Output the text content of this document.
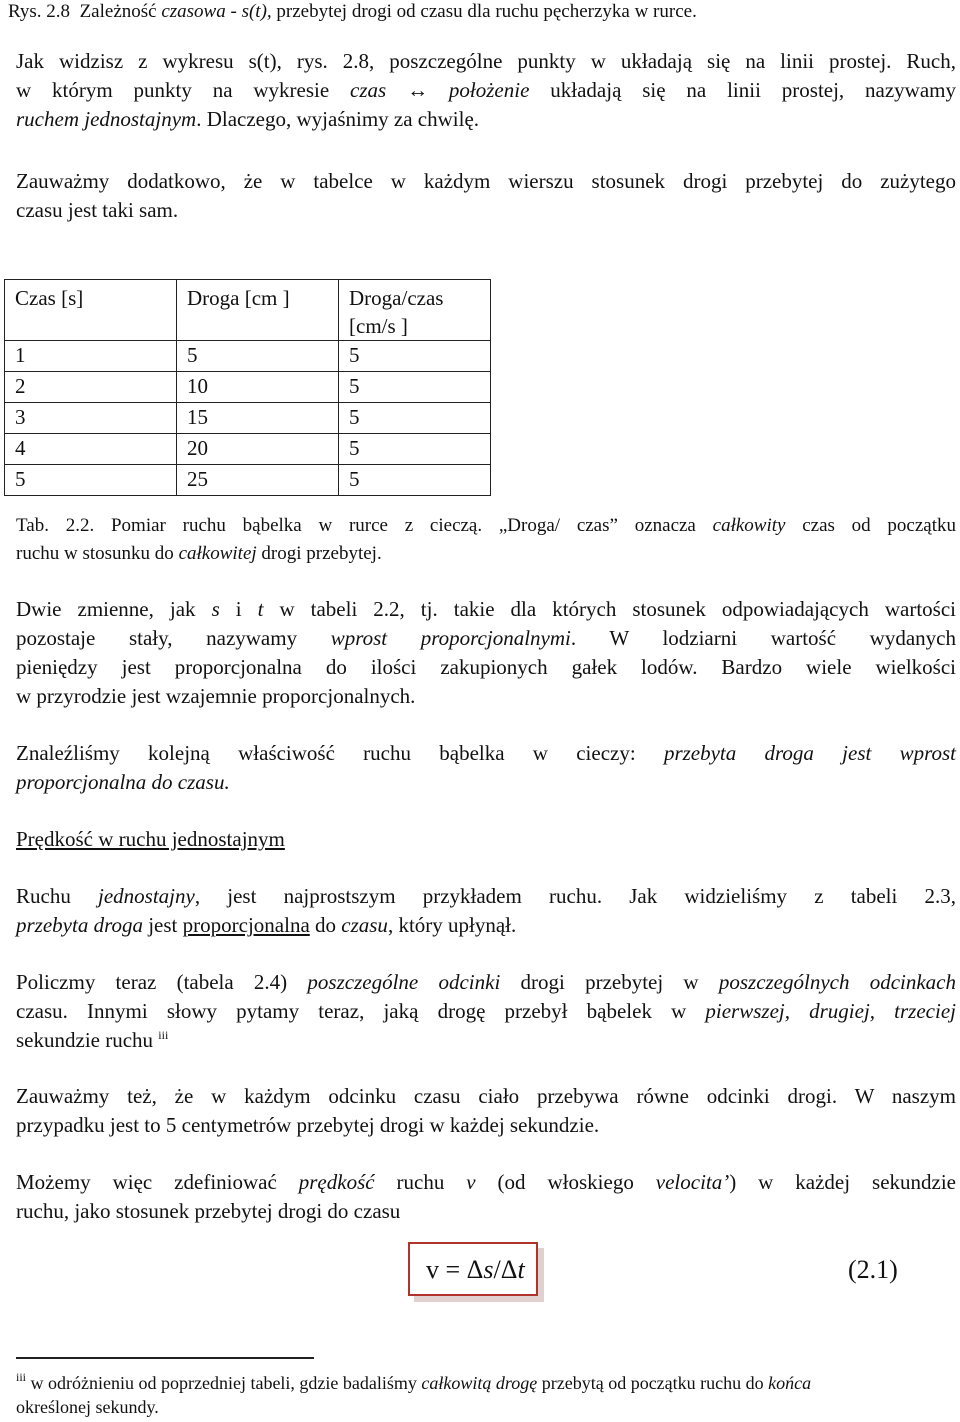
Rys. 2.8 Zależność czasowa - s(t), przebytej drogi od czasu dla ruchu pęcherzyka w rurce.
Jak widzisz z wykresu s(t), rys. 2.8, poszczególne punkty w układają się na linii prostej. Ruch,
w którym punkty na wykresie czas ↔ położenie układają się na linii prostej, nazywamy
ruchem jednostajnym. Dlaczego, wyjaśnimy za chwilę.
Zauważmy dodatkowo, że w tabelce w każdym wierszu stosunek drogi przebytej do zużytego
czasu jest taki sam.
Czas [s]	Droga [cm ]	Droga/czas
[cm/s ]
1	5	5
2	10	5
3	15	5
4	20	5
5	25	5
Tab. 2.2. Pomiar ruchu bąbelka w rurce z cieczą. „Droga/ czas” oznacza całkowity czas od początku
ruchu w stosunku do całkowitej drogi przebytej.
Dwie zmienne, jak s i t w tabeli 2.2, tj. takie dla których stosunek odpowiadających wartości
pozostaje stały, nazywamy wprost proporcjonalnymi. W lodziarni wartość wydanych
pieniędzy jest proporcjonalna do ilości zakupionych gałek lodów. Bardzo wiele wielkości
w przyrodzie jest wzajemnie proporcjonalnych.
Znaleźliśmy kolejną właściwość ruchu bąbelka w cieczy: przebyta droga jest wprost
proporcjonalna do czasu.
Prędkość w ruchu jednostajnym
Ruchu jednostajny, jest najprostszym przykładem ruchu. Jak widzieliśmy z tabeli 2.3,
przebyta droga jest proporcjonalna do czasu, który upłynął.
Policzmy teraz (tabela 2.4) poszczególne odcinki drogi przebytej w poszczególnych odcinkach
czasu. Innymi słowy pytamy teraz, jaką drogę przebył bąbelek w pierwszej, drugiej, trzeciej
sekundzie ruchu $^{iii}$
Zauważmy też, że w każdym odcinku czasu ciało przebywa równe odcinki drogi. W naszym
przypadku jest to 5 centymetrów przebytej drogi w każdej sekundzie.
Możemy więc zdefiniować prędkość ruchu v (od włoskiego velocita’) w każdej sekundzie
ruchu, jako stosunek przebytej drogi do czasu
v = Δs/Δt	(2.1)
$^{iii}$ w odróżnieniu od poprzedniej tabeli, gdzie badaliśmy całkowitą drogę przebytą od początku ruchu do końca
określonej sekundy.
